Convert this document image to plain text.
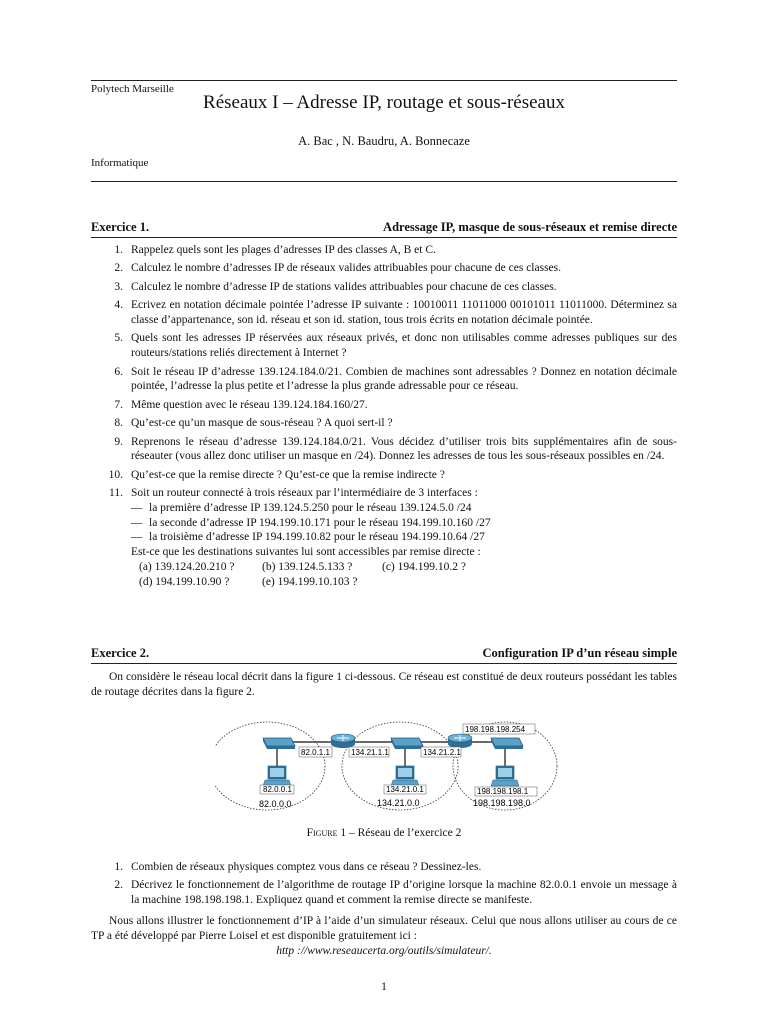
Polytech Marseille
Réseaux I – Adresse IP, routage et sous-réseaux
A. Bac , N. Baudru, A. Bonnecaze
Informatique
Exercice 1.	Adressage IP, masque de sous-réseaux et remise directe
1. Rappelez quels sont les plages d’adresses IP des classes A, B et C.
2. Calculez le nombre d’adresses IP de réseaux valides attribuables pour chacune de ces classes.
3. Calculez le nombre d’adresse IP de stations valides attribuables pour chacune de ces classes.
4. Ecrivez en notation décimale pointée l’adresse IP suivante : 10010011 11011000 00101011 11011000. Déterminez sa classe d’appartenance, son id. réseau et son id. station, tous trois écrits en notation décimale pointée.
5. Quels sont les adresses IP réservées aux réseaux privés, et donc non utilisables comme adresses publiques sur des routeurs/stations reliés directement à Internet ?
6. Soit le réseau IP d’adresse 139.124.184.0/21. Combien de machines sont adressables ? Donnez en notation décimale pointée, l’adresse la plus petite et l’adresse la plus grande adressable pour ce réseau.
7. Même question avec le réseau 139.124.184.160/27.
8. Qu’est-ce qu’un masque de sous-réseau ? A quoi sert-il ?
9. Reprenons le réseau d’adresse 139.124.184.0/21. Vous décidez d’utiliser trois bits supplémentaires afin de sous-réseauter (vous allez donc utiliser un masque en /24). Donnez les adresses de tous les sous-réseaux possibles en /24.
10. Qu’est-ce que la remise directe ? Qu’est-ce que la remise indirecte ?
11. Soit un routeur connecté à trois réseaux par l’intermédiaire de 3 interfaces :
— la première d’adresse IP 139.124.5.250 pour le réseau 139.124.5.0 /24
— la seconde d’adresse IP 194.199.10.171 pour le réseau 194.199.10.160 /27
— la troisième d’adresse IP 194.199.10.82 pour le réseau 194.199.10.64 /27
Est-ce que les destinations suivantes lui sont accessibles par remise directe :
(a) 139.124.20.210 ? (b) 139.124.5.133 ?	(c) 194.199.10.2 ?
(d) 194.199.10.90 ?	(e) 194.199.10.103 ?
Exercice 2.	Configuration IP d’un réseau simple
On considère le réseau local décrit dans la figure 1 ci-dessous. Ce réseau est constitué de deux routeurs possédant les tables de routage décrites dans la figure 2.
82.0.1.1	134.21.1.1	134.21.2.1
198.198.198.254
82.0.0.1	134.21.0.1	198.198.198.1
82.0.0.0	134.21.0.0	198.198.198.0
Figure 1 – Réseau de l’exercice 2
1. Combien de réseaux physiques comptez vous dans ce réseau ? Dessinez-les.
2. Décrivez le fonctionnement de l’algorithme de routage IP d’origine lorsque la machine 82.0.0.1 envoie un message à la machine 198.198.198.1. Expliquez quand et comment la remise directe se manifeste.
Nous allons illustrer le fonctionnement d’IP à l’aide d’un simulateur réseaux. Celui que nous allons utiliser au cours de ce TP a été développé par Pierre Loisel et est disponible gratuitement ici :
http ://www.reseaucerta.org/outils/simulateur/.
1
